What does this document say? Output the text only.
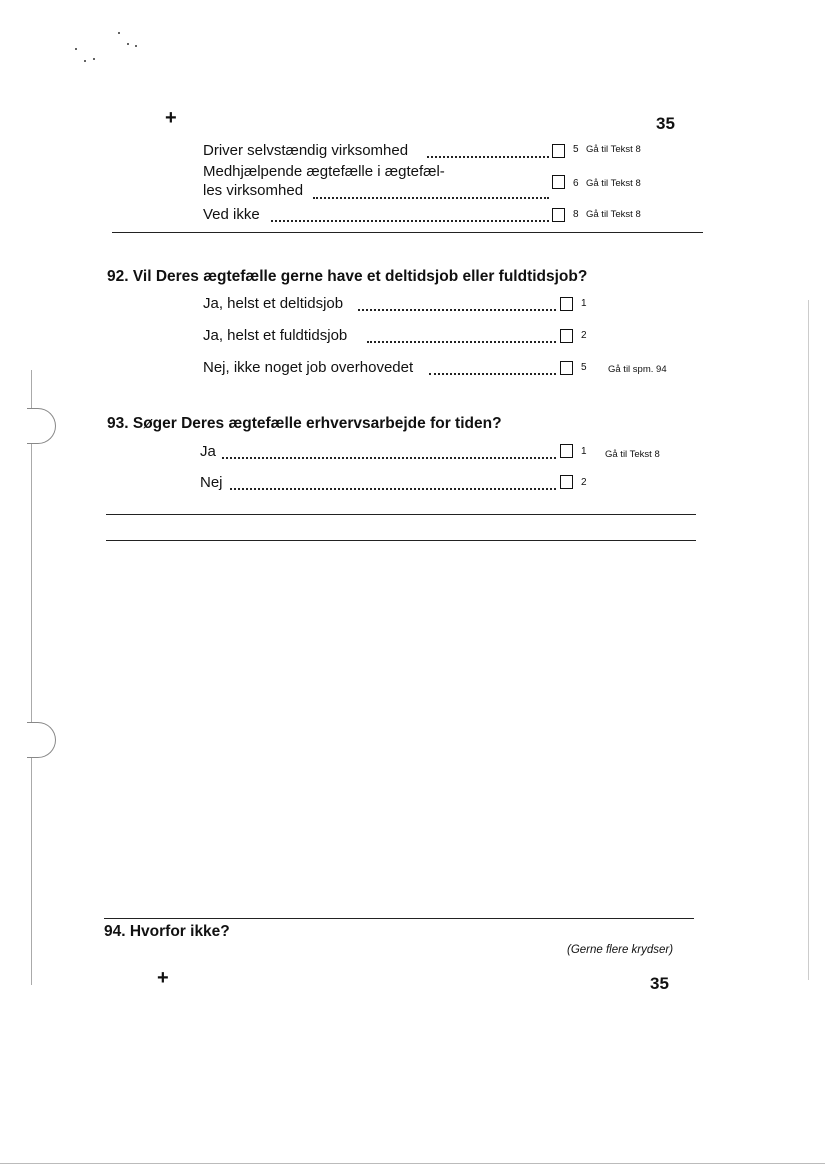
+	35
Driver selvstændig virksomhed	5 Gå til Tekst 8
Medhjælpende ægtefælle i ægtefæl-
les virksomhed	6 Gå til Tekst 8
Ved ikke	8 Gå til Tekst 8
92. Vil Deres ægtefælle gerne have et deltidsjob eller fuldtidsjob?
Ja, helst et deltidsjob	1
Ja, helst et fuldtidsjob	2
Nej, ikke noget job overhovedet	5 Gå til spm. 94
93. Søger Deres ægtefælle erhvervsarbejde for tiden?
Ja	1 Gå til Tekst 8
Nej	2
94. Hvorfor ikke?
(Gerne flere krydser)
+	35
